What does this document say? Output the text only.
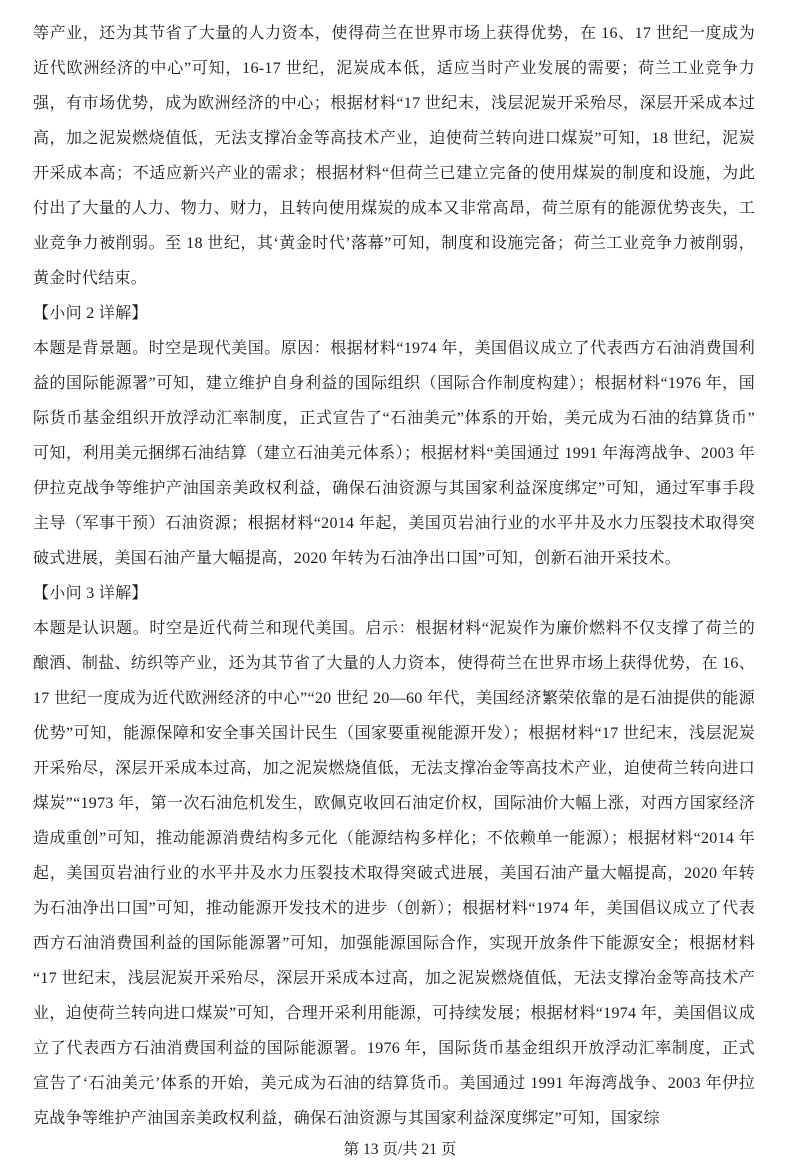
等产业，还为其节省了大量的人力资本，使得荷兰在世界市场上获得优势，在 16、17 世纪一度成为近代欧洲经济的中心”可知，16-17 世纪，泥炭成本低，适应当时产业发展的需要；荷兰工业竞争力强，有市场优势，成为欧洲经济的中心；根据材料“17 世纪末，浅层泥炭开采殆尽，深层开采成本过高，加之泥炭燃烧值低，无法支撑冶金等高技术产业，迫使荷兰转向进口煤炭”可知，18 世纪，泥炭开采成本高；不适应新兴产业的需求；根据材料“但荷兰已建立完备的使用煤炭的制度和设施，为此付出了大量的人力、物力、财力，且转向使用煤炭的成本又非常高昂，荷兰原有的能源优势丧失，工业竞争力被削弱。至 18 世纪，其‘黄金时代’落幕”可知，制度和设施完备；荷兰工业竞争力被削弱，黄金时代结束。

【小问 2 详解】

本题是背景题。时空是现代美国。原因：根据材料“1974 年，美国倡议成立了代表西方石油消费国利益的国际能源署”可知，建立维护自身利益的国际组织（国际合作制度构建）；根据材料“1976 年，国际货币基金组织开放浮动汇率制度，正式宣告了“石油美元”体系的开始，美元成为石油的结算货币”可知，利用美元捆绑石油结算（建立石油美元体系）；根据材料“美国通过 1991 年海湾战争、2003 年伊拉克战争等维护产油国亲美政权利益，确保石油资源与其国家利益深度绑定”可知，通过军事手段主导（军事干预）石油资源；根据材料“2014 年起，美国页岩油行业的水平井及水力压裂技术取得突破式进展，美国石油产量大幅提高，2020 年转为石油净出口国”可知，创新石油开采技术。

【小问 3 详解】

本题是认识题。时空是近代荷兰和现代美国。启示：根据材料“泥炭作为廉价燃料不仅支撑了荷兰的酿酒、制盐、纺织等产业，还为其节省了大量的人力资本，使得荷兰在世界市场上获得优势，在 16、17 世纪一度成为近代欧洲经济的中心”“20 世纪 20—60 年代，美国经济繁荣依靠的是石油提供的能源优势”可知，能源保障和安全事关国计民生（国家要重视能源开发）；根据材料“17 世纪末，浅层泥炭开采殆尽，深层开采成本过高，加之泥炭燃烧值低，无法支撑冶金等高技术产业，迫使荷兰转向进口煤炭”“1973 年，第一次石油危机发生，欧佩克收回石油定价权，国际油价大幅上涨，对西方国家经济造成重创”可知，推动能源消费结构多元化（能源结构多样化；不依赖单一能源）；根据材料“2014 年起，美国页岩油行业的水平井及水力压裂技术取得突破式进展，美国石油产量大幅提高，2020 年转为石油净出口国”可知，推动能源开发技术的进步（创新）；根据材料“1974 年，美国倡议成立了代表西方石油消费国利益的国际能源署”可知，加强能源国际合作，实现开放条件下能源安全；根据材料“17 世纪末，浅层泥炭开采殆尽，深层开采成本过高，加之泥炭燃烧值低，无法支撑冶金等高技术产业，迫使荷兰转向进口煤炭”可知，合理开采利用能源，可持续发展；根据材料“1974 年，美国倡议成立了代表西方石油消费国利益的国际能源署。1976 年，国际货币基金组织开放浮动汇率制度，正式宣告了‘石油美元’体系的开始，美元成为石油的结算货币。美国通过 1991 年海湾战争、2003 年伊拉克战争等维护产油国亲美政权利益，确保石油资源与其国家利益深度绑定”可知，国家综

第 13 页/共 21 页
